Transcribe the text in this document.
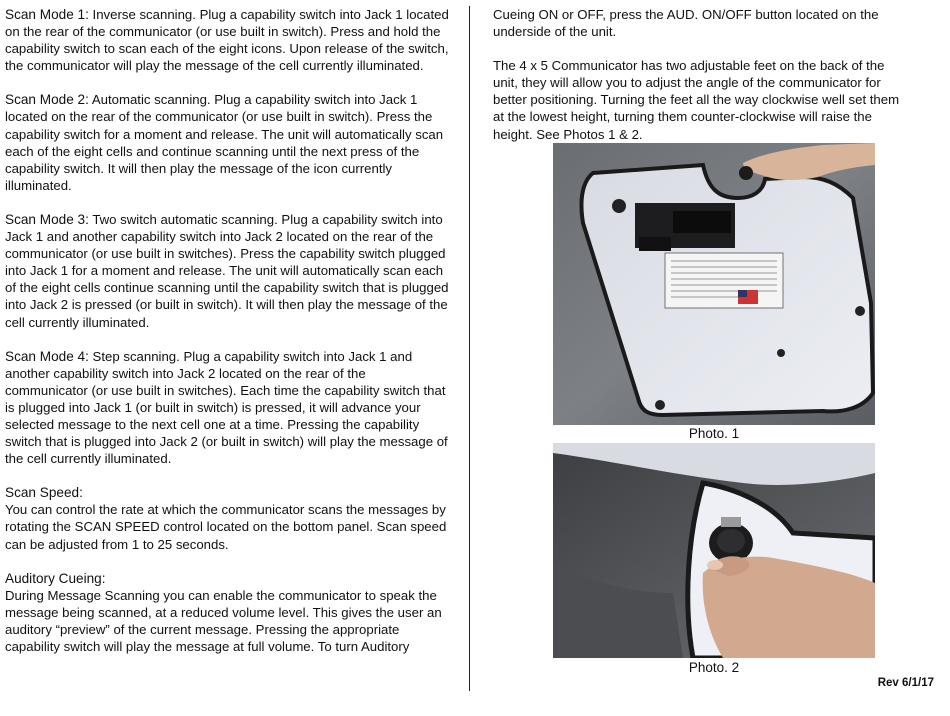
Scan Mode 1: Inverse scanning. Plug a capability switch into Jack 1 located on the rear of the communicator (or use built in switch). Press and hold the capability switch to scan each of the eight icons. Upon release of the switch, the communicator will play the message of the cell currently illuminated.

Scan Mode 2: Automatic scanning. Plug a capability switch into Jack 1 located on the rear of the communicator (or use built in switch). Press the capability switch for a moment and release. The unit will automatically scan each of the eight cells and continue scanning until the next press of the capability switch. It will then play the message of the icon currently illuminated.

Scan Mode 3: Two switch automatic scanning. Plug a capability switch into Jack 1 and another capability switch into Jack 2 located on the rear of the communicator (or use built in switches). Press the capability switch plugged into Jack 1 for a moment and release. The unit will automatically scan each of the eight cells continue scanning until the capability switch that is plugged into Jack 2 is pressed (or built in switch). It will then play the message of the cell currently illuminated.

Scan Mode 4: Step scanning. Plug a capability switch into Jack 1 and another capability switch into Jack 2 located on the rear of the communicator (or use built in switches). Each time the capability switch that is plugged into Jack 1 (or built in switch) is pressed, it will advance your selected message to the next cell one at a time. Pressing the capability switch that is plugged into Jack 2 (or built in switch) will play the message of the cell currently illuminated.

Scan Speed:
You can control the rate at which the communicator scans the messages by rotating the SCAN SPEED control located on the bottom panel. Scan speed can be adjusted from 1 to 25 seconds.

Auditory Cueing:
During Message Scanning you can enable the communicator to speak the message being scanned, at a reduced volume level. This gives the user an auditory “preview” of the current message. Pressing the appropriate capability switch will play the message at full volume. To turn Auditory

Cueing ON or OFF, press the AUD. ON/OFF button located on the underside of the unit.

The 4 x 5 Communicator has two adjustable feet on the back of the unit, they will allow you to adjust the angle of the communicator for better positioning. Turning the feet all the way clockwise well set them at the lowest height, turning them counter-clockwise will raise the height. See Photos 1 & 2.

Photo. 1
Photo. 2
Rev 6/1/17
